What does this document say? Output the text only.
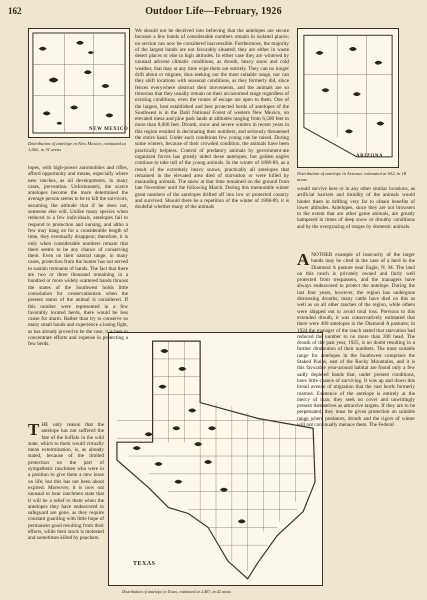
162	Outdoor Life—February, 1926
NEW MEXICO
Distribution of antelope in New Mexico; estimated at 1,662, in 31 areas
ARIZONA
Distribution of antelope in Arizona; estimated at 652, in 18 areas
TEXAS
Distribution of antelope in Texas; estimated at 2,407, in 42 areas

lopes, with high-power automobiles and rifles, afford opportunity and means, especially where new ranches, as oil developments, in many cases, prevention. Unfortunately, the scarce antelopes become the more determined the average person seems to be to kill the survivors, assuming the attitude that if he does not, someone else will. Unlike many species when reduced to a few individuals, antelopes fail to respond to protection and nursing, and altho a few may hang on for a considerable length of time, they eventually disappear; therefore, it is only when considerable numbers remain that there seems to be any chance of conserving them. Even on their natural range, in many cases, protection from the hunter has not served to sustain remnants of bands. The fact that there are two or three thousand remaining in a hundred or more widely scattered bands thruout the states of the Southwest holds little consolation for conservationists when the present status of the animal is considered. If this number were represented in a few favorably located herds, there would be less cause for alarm. Rather than try to conserve so many small bands and experience a losing fight, as has already proved to be the case, it is best to concentrate efforts and expense in protecting a few herds.

T HE only reason that the antelope has not suffered the fate of the buffalo in the wild state, which to them would virtually mean extermination, is, as already stated, because of the limited protection on the part of sympathetic ranchmen who were in a position to give them a new lease on life; but this has not been about expired. Moreover, it is now out unusual to hear ranchmen state that it will be a relief to them when the antelopes they have endeavored to safeguard are gone, as they require constant guarding with little hope of permanent good resulting from their efforts, while their stock is molested and sometimes killed by poachers.

We should not be deceived into believing that the antelopes are secure because a few bands of considerable numbers remain in isolated places; no section can now be considered inaccessible. Furthermore, the majority of the largest bands are not favorably situated; they are either in waste desert places or else in high altitudes. In either case they are wintered by unusual adverse climatic conditions, as drouth, heavy snow and cold weather, that may at any time wipe them out entirely. They can no longer drift about or migrate, thus seeking out the most suitable range, nor can they shift locations with seasonal conditions, as they formerly did, since fences everywhere obstruct their movements, and the animals are so timorous that they usually remain on their accustomed range regardless of existing conditions, even the routes of escape are open to them. One of the largest, best established and best protected herds of antelopes of the Southwest is in the Datil National Forest of western New Mexico, on elevated mesa and pine park lands at altitudes ranging from 6,500 feet to more than 8,000 feet. Drouth, snow and severe winters in recent years in this region resulted in decimating their numbers, and seriously threatened the entire band. Under such conditions few young can be raised. During some winters, because of their crowded condition, the animals have been practically helpless. Control of predatory animals by government-ate organized forces has greatly aided these antelopes; but golden eagles continue to take toll of the young animals. In the winter of 1868-89, as a result of the extremely heavy snows, practically all antelopes that remained in the elevated area died of starvation or were killed by marauding animals. The snow at that time remained on the ground from late November until the following March. During this memorable winter great numbers of the antelopes drifted off into low or protected country and survived. Should there be a repetition of the winter of 1868-89, it is doubtful whether many of the animals

would survive here or in any other similar locations, as artificial barriers and timidity of the animals would hinder them in drifting very far to obtain benefits of lower altitudes. Antelopes, since they are not browsers to the extent that are other game animals, are greatly hampered in times of deep snow or drouthy conditions and by the overgrazing of ranges by domestic animals.

A NOTHER example of insecurity of the larger bands may be cited in the case of a herd in the Diamond A pasture near Eagle, N. M. The land on this ranch is privately owned and fairly well protected from trespassers, and the managers have always endeavored to protect the antelope. During the last four years, however, the region has undergone distressing drouths; many cattle have died on this as well as on all other ranches of the region, while others were shipped out to avoid total loss. Previous to this extended drouth, it was conservatively estimated that there were 400 antelopes in the Diamond A pastures; in 1924 the manager of the ranch stated that starvation had reduced the number to no more than 200 head. The drouth of the past year, 1925, is no doubt resulting in a further diminution of their numbers. The most suitable range for antelopes in the Southwest comprises the Staked Plains, east of the Rocky Mountains, and it is this favorable year-around habitat are found only a few sadly depleted bands that, under present conditions, have little chance of surviving. It was up and down this broad avenue of migration that the vast herds formerly roamed. Existence of the antelope is entirely at the mercy of man; they seek no cover and unwittingly present themselves as attractive targets. If they are to be perpetuated, they must be given protection on suitable range where predators, drouth and the rigors of winter will not continually menace them. The Federal
